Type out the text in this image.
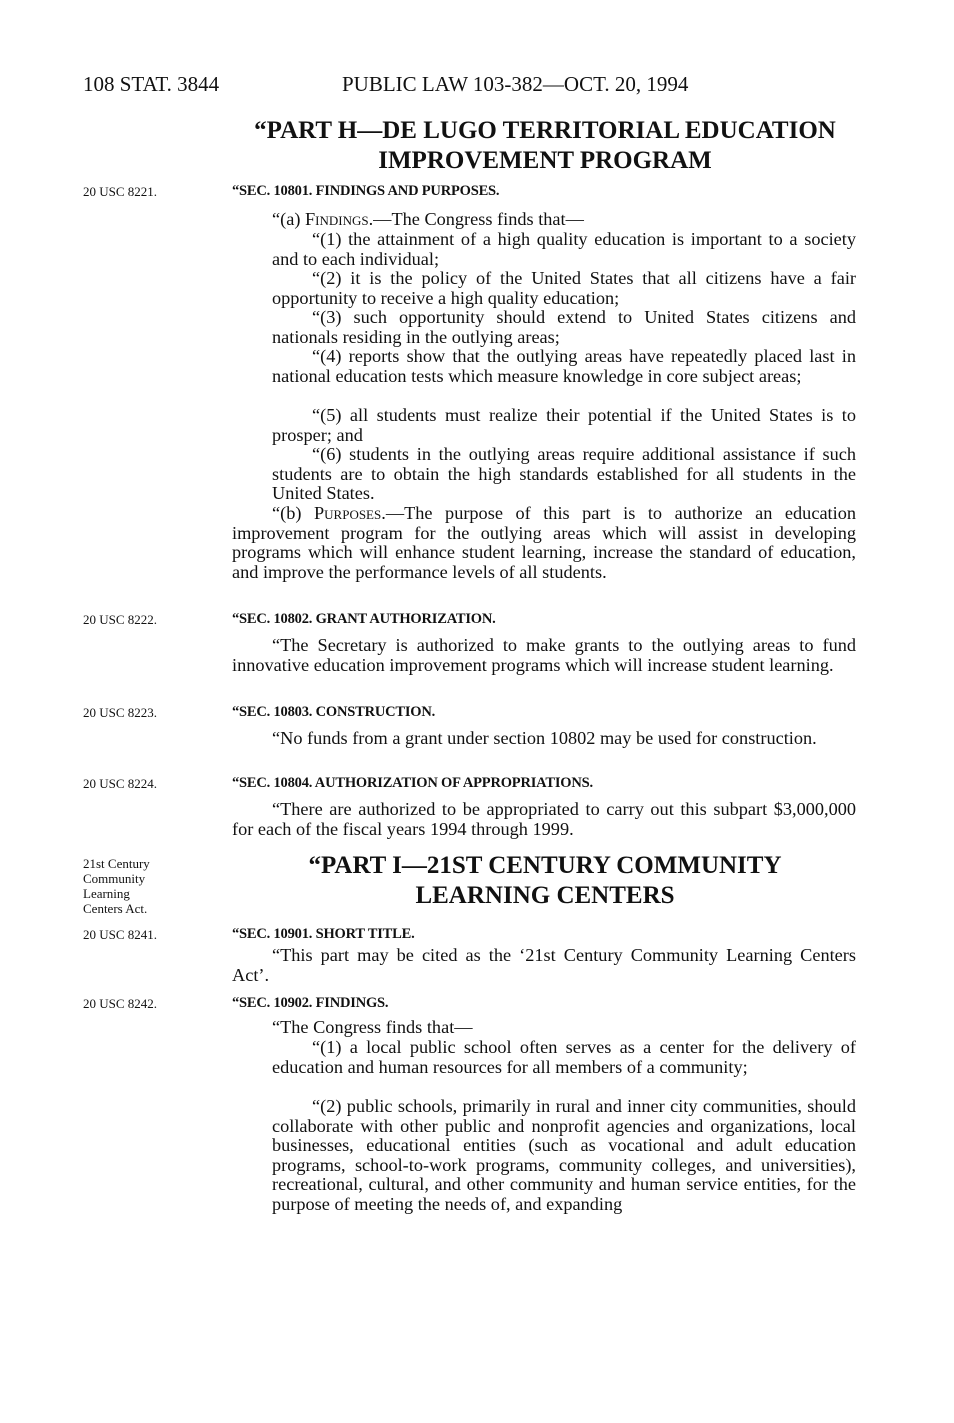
108 STAT. 3844	PUBLIC LAW 103-382—OCT. 20, 1994
“PART H—DE LUGO TERRITORIAL EDUCATION
IMPROVEMENT PROGRAM
20 USC 8221.	“SEC. 10801. FINDINGS AND PURPOSES.

“(a) Findings.—The Congress finds that—

“(1) the attainment of a high quality education is important to a society and to each individual;

“(2) it is the policy of the United States that all citizens have a fair opportunity to receive a high quality education;

“(3) such opportunity should extend to United States citizens and nationals residing in the outlying areas;

“(4) reports show that the outlying areas have repeatedly placed last in national education tests which measure knowledge in core subject areas;

“(5) all students must realize their potential if the United States is to prosper; and

“(6) students in the outlying areas require additional assistance if such students are to obtain the high standards established for all students in the United States.

“(b) Purposes.—The purpose of this part is to authorize an education improvement program for the outlying areas which will assist in developing programs which will enhance student learning, increase the standard of education, and improve the performance levels of all students.

20 USC 8222.	“SEC. 10802. GRANT AUTHORIZATION.

“The Secretary is authorized to make grants to the outlying areas to fund innovative education improvement programs which will increase student learning.

20 USC 8223.	“SEC. 10803. CONSTRUCTION.

“No funds from a grant under section 10802 may be used for construction.

20 USC 8224.	“SEC. 10804. AUTHORIZATION OF APPROPRIATIONS.

“There are authorized to be appropriated to carry out this subpart $3,000,000 for each of the fiscal years 1994 through 1999.

21st Century
Community
Learning
Centers Act.
“PART I—21ST CENTURY COMMUNITY
LEARNING CENTERS
20 USC 8241.	“SEC. 10901. SHORT TITLE.

“This part may be cited as the ‘21st Century Community Learning Centers Act’.

20 USC 8242.	“SEC. 10902. FINDINGS.

“The Congress finds that—

“(1) a local public school often serves as a center for the delivery of education and human resources for all members of a community;

“(2) public schools, primarily in rural and inner city communities, should collaborate with other public and nonprofit agencies and organizations, local businesses, educational entities (such as vocational and adult education programs, school-to-work programs, community colleges, and universities), recreational, cultural, and other community and human service entities, for the purpose of meeting the needs of, and expanding
